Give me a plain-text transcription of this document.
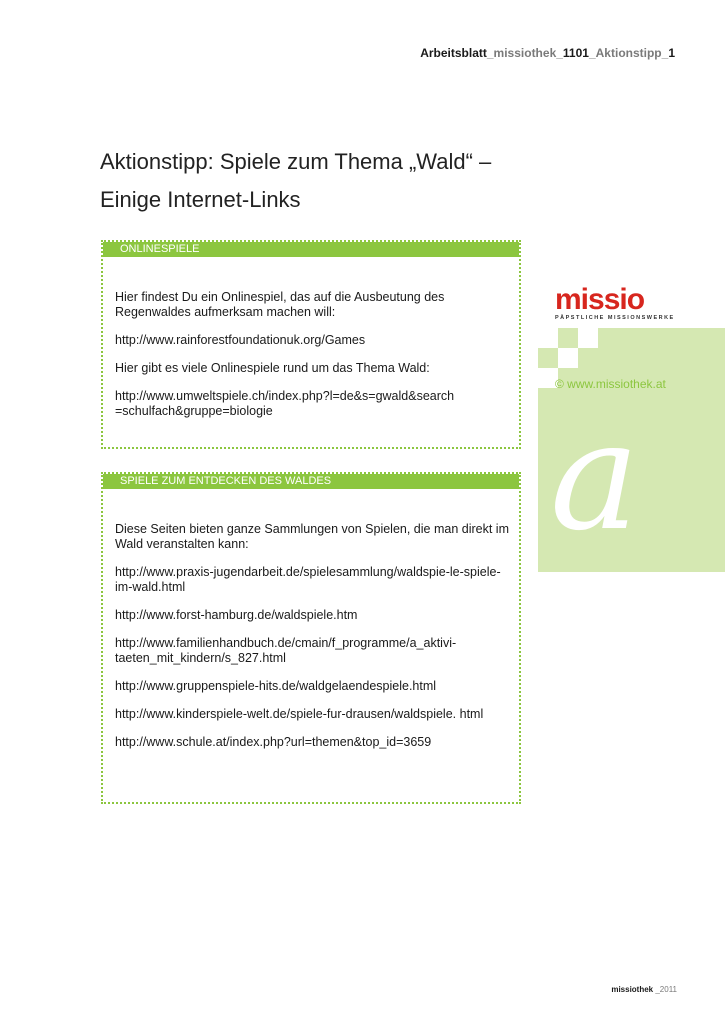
Arbeitsblatt_missiothek_1101_Aktionstipp_1
Aktionstipp: Spiele zum Thema „Wald“ –
Einige Internet-Links
ONLINESPIELE

Hier findest Du ein Onlinespiel, das auf die Ausbeutung des Regenwaldes aufmerksam machen will:

http://www.rainforestfoundationuk.org/Games

Hier gibt es viele Onlinespiele rund um das Thema Wald:

http://www.umweltspiele.ch/index.php?l=de&s=gwald&search =schulfach&gruppe=biologie

SPIELE ZUM ENTDECKEN DES WALDES

Diese Seiten bieten ganze Sammlungen von Spielen, die man direkt im Wald veranstalten kann:

http://www.praxis-jugendarbeit.de/spielesammlung/waldspie-le-spiele-im-wald.html

http://www.forst-hamburg.de/waldspiele.htm

http://www.familienhandbuch.de/cmain/f_programme/a_aktivi-taeten_mit_kindern/s_827.html

http://www.gruppenspiele-hits.de/waldgelaendespiele.html

http://www.kinderspiele-welt.de/spiele-fur-drausen/waldspiele. html

http://www.schule.at/index.php?url=themen&top_id=3659

missio
PÄPSTLICHE MISSIONSWERKE
© www.missiothek.at
a
missiothek _2011
